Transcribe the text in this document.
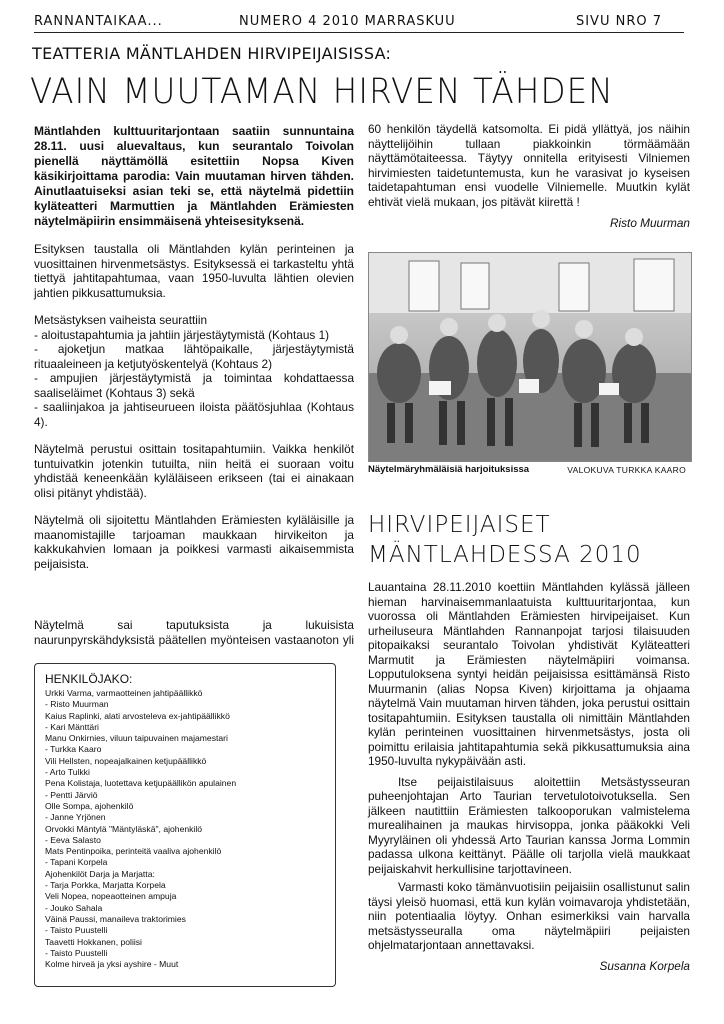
RANNANTAIKAA...	NUMERO 4 2010 MARRASKUU	SIVU NRO 7
TEATTERIA MÄNTLAHDEN HIRVIPEIJAISISSA:
VAIN MUUTAMAN HIRVEN TÄHDEN

Mäntlahden kulttuuritarjontaan saatiin sunnuntaina 28.11. uusi aluevaltaus, kun seurantalo Toivolan pienellä näyttämöllä esitettiin Nopsa Kiven käsikirjoittama parodia: Vain muutaman hirven tähden. Ainutlaatuiseksi asian teki se, että näytelmä pidettiin kyläteatteri Marmuttien ja Mäntlahden Erämiesten näytelmäpiirin ensimmäisenä yhteisesityksenä.

Esityksen taustalla oli Mäntlahden kylän perinteinen ja vuosittainen hirvenmetsästys. Esityksessä ei tarkasteltu yhtä tiettyä jahtitapahtumaa, vaan 1950-luvulta lähtien olevien jahtien pikkusattumuksia.

Metsästyksen vaiheista seurattiin
- aloitustapahtumia ja jahtiin järjestäytymistä (Kohtaus 1)
- ajoketjun matkaa lähtöpaikalle, järjestäytymistä rituaaleineen ja ketjutyöskentelyä (Kohtaus 2)
- ampujien järjestäytymistä ja toimintaa kohdattaessa saalisеläimet (Kohtaus 3) sekä
- saaliinjakoa ja jahtiseurueen iloista päätösjuhlaa (Kohtaus 4).

Näytelmä perustui osittain tositapahtumiin. Vaikka henkilöt tuntuivatkin jotenkin tutuilta, niin heitä ei suoraan voitu yhdistää keneenkään kyläläiseen erikseen (tai ei ainakaan olisi pitänyt yhdistää).

Näytelmä oli sijoitettu Mäntlahden Erämiesten kyläläisille ja maanomistajille tarjoaman maukkaan hirvikeiton ja kakkukahvien lomaan ja poikkesi varmasti aikaisemmista peijaisista.

Näytelmä sai taputuksista ja lukuisista naurunpyrskähdyksistä päätellen myönteisen vastaanoton yli

60 henkilön täydellä katsomolta. Ei pidä yllättyä, jos näihin näyttelijöihin tullaan piakkoinkin törmäämään näyttämötaiteessa. Täytyy onnitella erityisesti Vilniemen hirvimiesten taidetuntemusta, kun he varasivat jo kyseisen taidetapahtuman ensi vuodelle Vilniemelle. Muutkin kylät ehtivät vielä mukaan, jos pitävät kiirettä !
Risto Muurman
Näytelmäryhmäläisiä harjoituksissa	VALOKUVA TURKKA KAARO
HIRVIPEIJAISET
MÄNTLAHDESSA 2010

Lauantaina 28.11.2010 koettiin Mäntlahden kylässä jälleen hieman harvinaisemmanlaatuista kulttuuritarjontaa, kun vuorossa oli Mäntlahden Erämiesten hirvipeijaiset. Kun urheiluseura Mäntlahden Rannanpojat tarjosi tilaisuuden pitopaikaksi seurantalo Toivolan yhdistivät Kyläteatteri Marmutit ja Erämiesten näytelmäpiiri voimansa. Lopputuloksena syntyi heidän peijaisissa esittämänsä Risto Muurmanin (alias Nopsa Kiven) kirjoittama ja ohjaama näytelmä Vain muutaman hirven tähden, joka perustui osittain tositapahtumiin. Esityksen taustalla oli nimittäin Mäntlahden kylän perinteinen vuosittainen hirvenmetsästys, josta oli poimittu erilaisia jahtitapahtumia sekä pikkusattumuksia aina 1950-luvulta nykypäivään asti.

Itse peijaistilaisuus aloitettiin Metsästysseuran puheenjohtajan Arto Taurian tervetulotoivotuksella. Sen jälkeen nautittiin Erämiesten talkooporukan valmistelema murealihainen ja maukas hirvisoppa, jonka pääkokki Veli Myyryläinen oli yhdessä Arto Taurian kanssa Jorma Lommin padassa ulkona keittänyt. Päälle oli tarjolla vielä maukkaat peijaiskahvit herkullisine tarjottavineen.

Varmasti koko tämänvuotisiin peijaisiin osallistunut salin täysi yleisö huomasi, että kun kylän voimavaroja yhdistetään, niin potentiaalia löytyy. Onhan esimerkiksi vain harvalla metsästysseuralla oma näytelmäpiiri peijaisten ohjelmatarjontaan annettavaksi.

Susanna Korpela
HENKILÖJAKO:
Urkki Varma, varmaotteinen jahtipäällikkö
- Risto Muurman
Kaius Raplinki, alati arvosteleva ex-jahtipäällikkö
- Kari Mänttäri
Manu Onkirnies, viluun taipuvainen majamestari
- Turkka Kaaro
Vili Hellsten, nopeajalkainen ketjupäällikkö
- Arto Tulkki
Pena Kolistaja, luotettava ketjupäällikön apulainen
- Pentti Järviö
Olle Sompa, ajohenkilö
- Janne Yrjönen
Orvokki Mäntylä "Mäntyläskä", ajohenkilö
- Eeva Salasto
Mats Pentinpoika, perinteitä vaaliva ajohenkilö
- Tapani Korpela
Ajohenkilöt Darja ja Marjatta:
- Tarja Porkka, Marjatta Korpela
Veli Nopea, nopeaotteinen ampuja
- Jouko Sahala
Väinä Paussi, manaileva traktorimies
- Taisto Puustelli
Taavetti Hokkanen, poliisi
- Taisto Puustelli
Kolme hirveä ja yksi ayshire - Muut
